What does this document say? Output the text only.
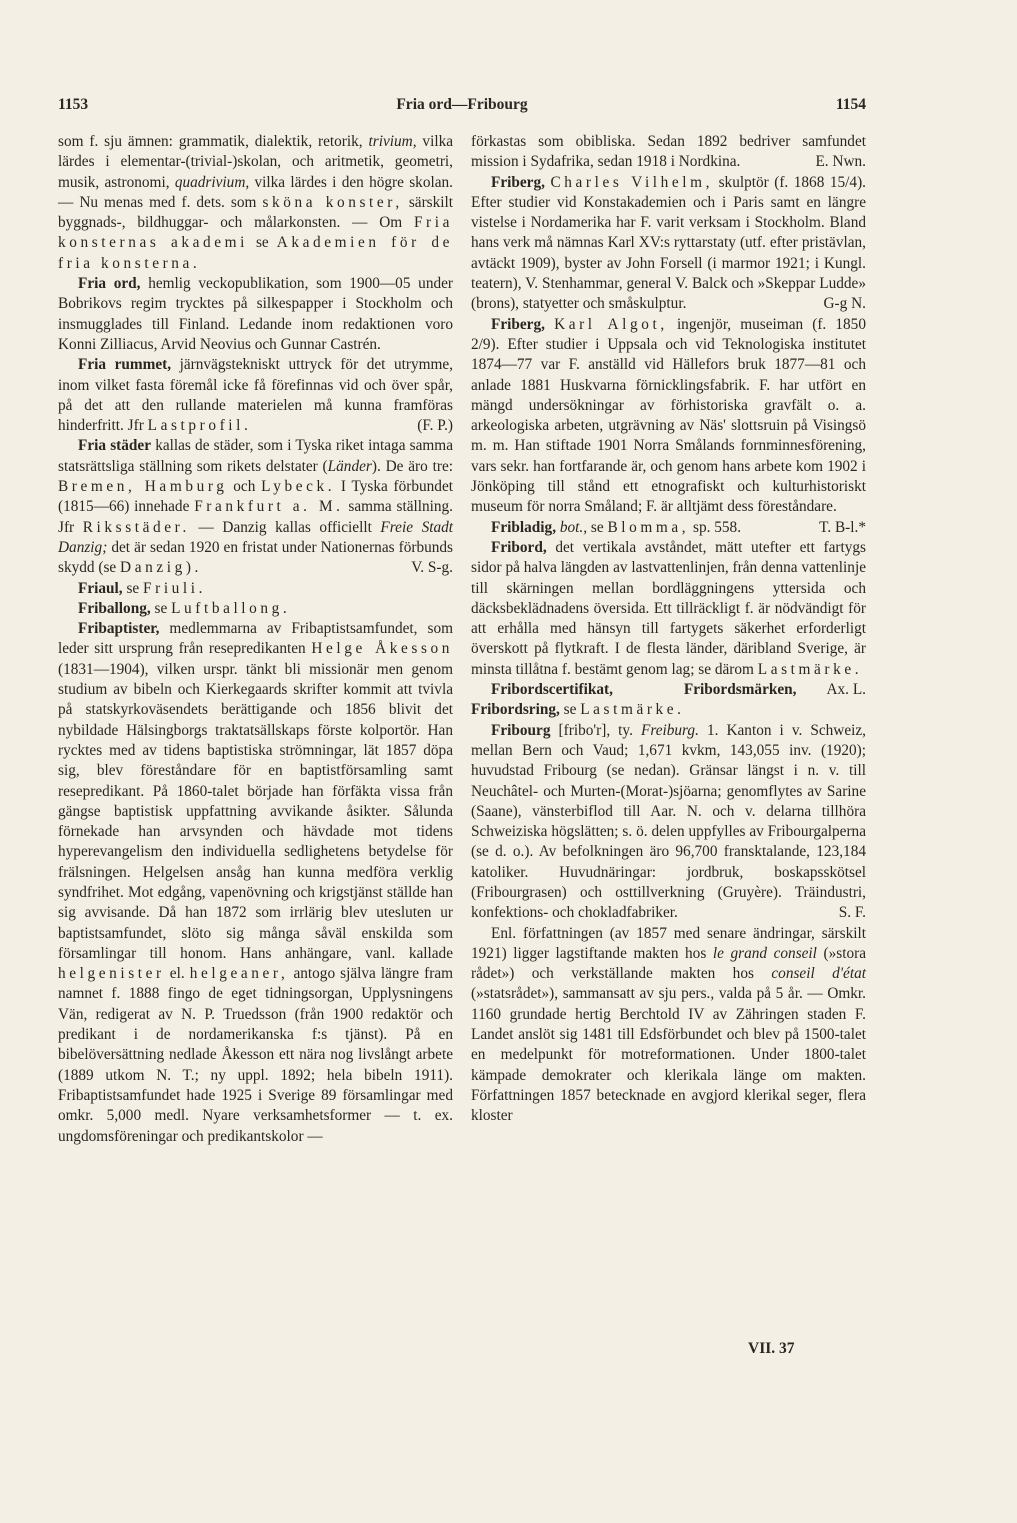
1153	Fria ord—Fribourg	1154

som f. sju ämnen: grammatik, dialektik, retorik, trivium, vilka lärdes i elementar-(trivial-)skolan, och aritmetik, geometri, musik, astronomi, quadrivium, vilka lärdes i den högre skolan. — Nu menas med f. dets. som sköna konster, särskilt byggnads-, bildhuggar- och målarkonsten. — Om Fria konsternas akademi se Akademien för de fria konsterna.

Fria ord, hemlig veckopublikation, som 1900—05 under Bobrikovs regim trycktes på silkespapper i Stockholm och insmugglades till Finland. Ledande inom redaktionen voro Konni Zilliacus, Arvid Neovius och Gunnar Castrén.

Fria rummet, järnvägstekniskt uttryck för det utrymme, inom vilket fasta föremål icke få förefinnas vid och över spår, på det att den rullande materielen må kunna framföras hinderfritt. Jfr Lastprofil.	(F. P.)

Fria städer kallas de städer, som i Tyska riket intaga samma statsrättsliga ställning som rikets delstater (Länder). De äro tre: Bremen, Hamburg och Lybeck. I Tyska förbundet (1815—66) innehade Frankfurt a. M. samma ställning. Jfr Riksstäder. — Danzig kallas officiellt Freie Stadt Danzig; det är sedan 1920 en fristat under Nationernas förbunds skydd (se Danzig).	V. S-g.

Friaul, se Friuli.

Friballong, se Luftballong.

Fribaptister, medlemmarna av Fribaptistsamfundet, som leder sitt ursprung från resepredikanten Helge Åkesson (1831—1904), vilken urspr. tänkt bli missionär men genom studium av bibeln och Kierkegaards skrifter kommit att tvivla på statskyrkoväsendets berättigande och 1856 blivit det nybildade Hälsingborgs traktatsällskaps förste kolportör. Han rycktes med av tidens baptistiska strömningar, lät 1857 döpa sig, blev föreståndare för en baptistförsamling samt resepredikant. På 1860-talet började han förfäkta vissa från gängse baptistisk uppfattning avvikande åsikter. Sålunda förnekade han arvsynden och hävdade mot tidens hyperevangelism den individuella sedlighetens betydelse för frälsningen. Helgelsen ansåg han kunna medföra verklig syndfrihet. Mot edgång, vapenövning och krigstjänst ställde han sig avvisande. Då han 1872 som irrlärig blev utesluten ur baptistsamfundet, slöto sig många såväl enskilda som församlingar till honom. Hans anhängare, vanl. kallade helgenister el. helgeaner, antogo själva längre fram namnet f. 1888 fingo de eget tidningsorgan, Upplysningens Vän, redigerat av N. P. Truedsson (från 1900 redaktör och predikant i de nordamerikanska f:s tjänst). På en bibelöversättning nedlade Åkesson ett nära nog livslångt arbete (1889 utkom N. T.; ny uppl. 1892; hela bibeln 1911). Fribaptistsamfundet hade 1925 i Sverige 89 församlingar med omkr. 5,000 medl. Nyare verksamhetsformer — t. ex. ungdomsföreningar och predikantskolor —

förkastas som obibliska. Sedan 1892 bedriver samfundet mission i Sydafrika, sedan 1918 i Nordkina.	E. Nwn.

Friberg, Charles Vilhelm, skulptör (f. 1868 15/4). Efter studier vid Konstakademien och i Paris samt en längre vistelse i Nordamerika har F. varit verksam i Stockholm. Bland hans verk må nämnas Karl XV:s ryttarstaty (utf. efter pristävlan, avtäckt 1909), byster av John Forsell (i marmor 1921; i Kungl. teatern), V. Stenhammar, general V. Balck och »Skeppar Ludde» (brons), statyetter och småskulptur.	G-g N.

Friberg, Karl Algot, ingenjör, museiman (f. 1850 2/9). Efter studier i Uppsala och vid Teknologiska institutet 1874—77 var F. anställd vid Hällefors bruk 1877—81 och anlade 1881 Huskvarna förnicklingsfabrik. F. har utfört en mängd undersökningar av förhistoriska gravfält o. a. arkeologiska arbeten, utgrävning av Näs' slottsruin på Visingsö m. m. Han stiftade 1901 Norra Smålands fornminnesförening, vars sekr. han fortfarande är, och genom hans arbete kom 1902 i Jönköping till stånd ett etnografiskt och kulturhistoriskt museum för norra Småland; F. är alltjämt dess föreståndare.
T. B-l.*

Fribladig, bot., se Blomma, sp. 558.

Fribord, det vertikala avståndet, mätt utefter ett fartygs sidor på halva längden av lastvattenlinjen, från denna vattenlinje till skärningen mellan bordläggningens yttersida och däcksbeklädnadens översida. Ett tillräckligt f. är nödvändigt för att erhålla med hänsyn till fartygets säkerhet erforderligt överskott på flytkraft. I de flesta länder, däribland Sverige, är minsta tillåtna f. bestämt genom lag; se därom Lastmärke.
Ax. L.

Fribordscertifikat, Fribordsmärken, Fribordsring, se Lastmärke.

Fribourg [fribo'r], ty. Freiburg. 1. Kanton i v. Schweiz, mellan Bern och Vaud; 1,671 kvkm, 143,055 inv. (1920); huvudstad Fribourg (se nedan). Gränsar längst i n. v. till Neuchâtel- och Murten-(Morat-)sjöarna; genomflytes av Sarine (Saane), vänsterbiflod till Aar. N. och v. delarna tillhöra Schweiziska högslätten; s. ö. delen uppfylles av Fribourgalperna (se d. o.). Av befolkningen äro 96,700 fransktalande, 123,184 katoliker. Huvudnäringar: jordbruk, boskapsskötsel (Fribourgrasen) och osttillverkning (Gruyère). Träindustri, konfektions- och chokladfabriker.	S. F.

Enl. författningen (av 1857 med senare ändringar, särskilt 1921) ligger lagstiftande makten hos le grand conseil (»stora rådet») och verkställande makten hos conseil d'état (»statsrådet»), sammansatt av sju pers., valda på 5 år. — Omkr. 1160 grundade hertig Berchtold IV av Zähringen staden F. Landet anslöt sig 1481 till Edsförbundet och blev på 1500-talet en medelpunkt för motreformationen. Under 1800-talet kämpade demokrater och klerikala länge om makten. Författningen 1857 betecknade en avgjord klerikal seger, flera kloster

VII. 37
